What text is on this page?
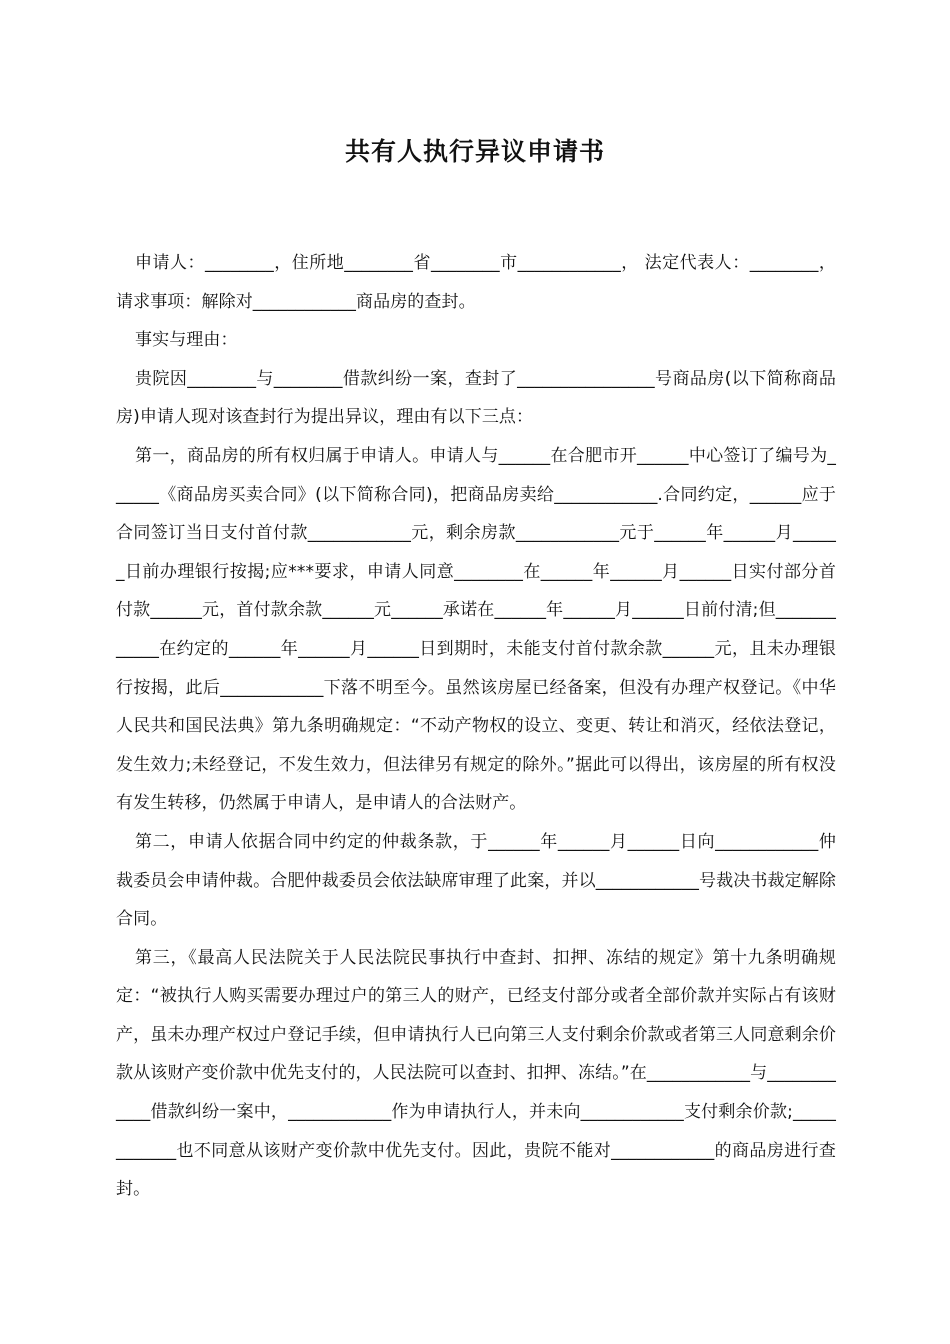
共有人执行异议申请书

申请人：________，住所地________省________市____________， 法定代表人：________，请求事项：解除对____________商品房的查封。

事实与理由：

贵院因________与________借款纠纷一案，查封了________________号商品房(以下简称商品房)申请人现对该查封行为提出异议，理由有以下三点：

第一，商品房的所有权归属于申请人。申请人与______在合肥市开______中心签订了编号为______《商品房买卖合同》(以下简称合同)，把商品房卖给____________.合同约定，______应于合同签订当日支付首付款____________元，剩余房款____________元于______年______月______日前办理银行按揭;应***要求，申请人同意________在______年______月______日实付部分首付款______元，首付款余款______元______承诺在______年______月______日前付清;但____________在约定的______年______月______日到期时，未能支付首付款余款______元，且未办理银行按揭，此后____________下落不明至今。虽然该房屋已经备案，但没有办理产权登记。《中华人民共和国民法典》第九条明确规定：“不动产物权的设立、变更、转让和消灭，经依法登记，发生效力;未经登记，不发生效力，但法律另有规定的除外。”据此可以得出，该房屋的所有权没有发生转移，仍然属于申请人，是申请人的合法财产。

第二，申请人依据合同中约定的仲裁条款，于______年______月______日向____________仲裁委员会申请仲裁。合肥仲裁委员会依法缺席审理了此案，并以____________号裁决书裁定解除合同。

第三，《最高人民法院关于人民法院民事执行中查封、扣押、冻结的规定》第十九条明确规定：“被执行人购买需要办理过户的第三人的财产，已经支付部分或者全部价款并实际占有该财产，虽未办理产权过户登记手续，但申请执行人已向第三人支付剩余价款或者第三人同意剩余价款从该财产变价款中优先支付的，人民法院可以查封、扣押、冻结。”在____________与____________借款纠纷一案中，____________作为申请执行人，并未向____________支付剩余价款;____________也不同意从该财产变价款中优先支付。因此，贵院不能对____________的商品房进行查封。
